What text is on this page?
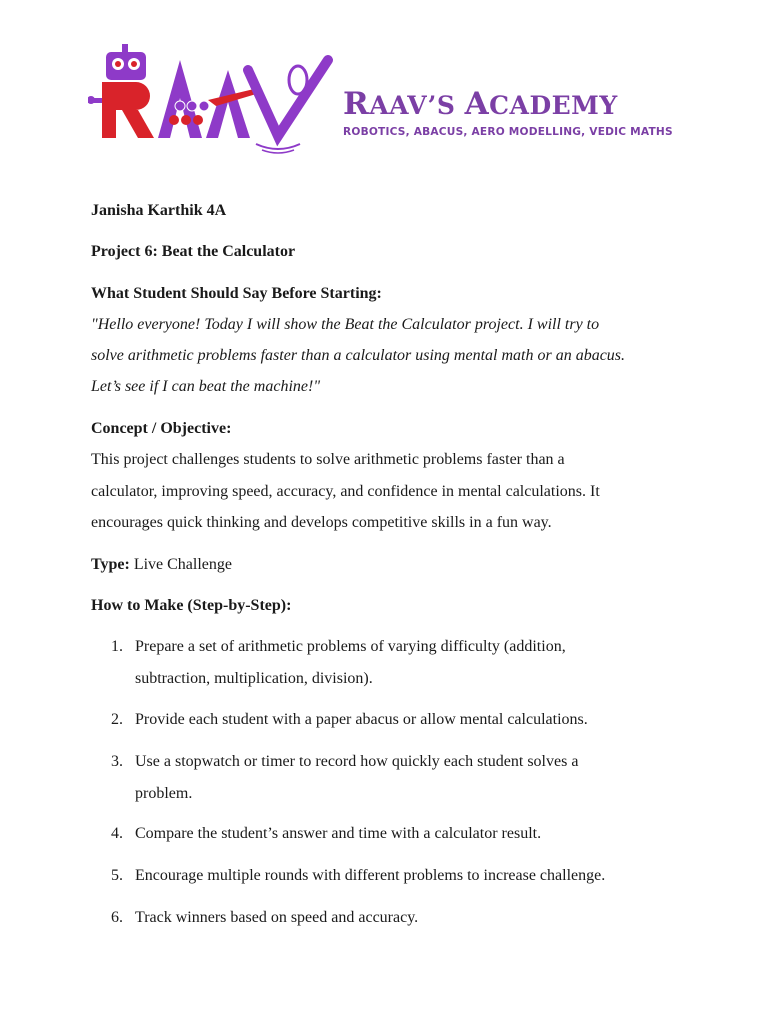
RAAV’S ACADEMY
ROBOTICS, ABACUS, AERO MODELLING, VEDIC MATHS
Janisha Karthik 4A
Project 6: Beat the Calculator
What Student Should Say Before Starting:
"Hello everyone! Today I will show the Beat the Calculator project. I will try to
solve arithmetic problems faster than a calculator using mental math or an abacus.
Let’s see if I can beat the machine!"
Concept / Objective:
This project challenges students to solve arithmetic problems faster than a
calculator, improving speed, accuracy, and confidence in mental calculations. It
encourages quick thinking and develops competitive skills in a fun way.
Type: Live Challenge
How to Make (Step-by-Step):
1. Prepare a set of arithmetic problems of varying difficulty (addition,
subtraction, multiplication, division).
2. Provide each student with a paper abacus or allow mental calculations.
3. Use a stopwatch or timer to record how quickly each student solves a
problem.
4. Compare the student’s answer and time with a calculator result.
5. Encourage multiple rounds with different problems to increase challenge.
6. Track winners based on speed and accuracy.
